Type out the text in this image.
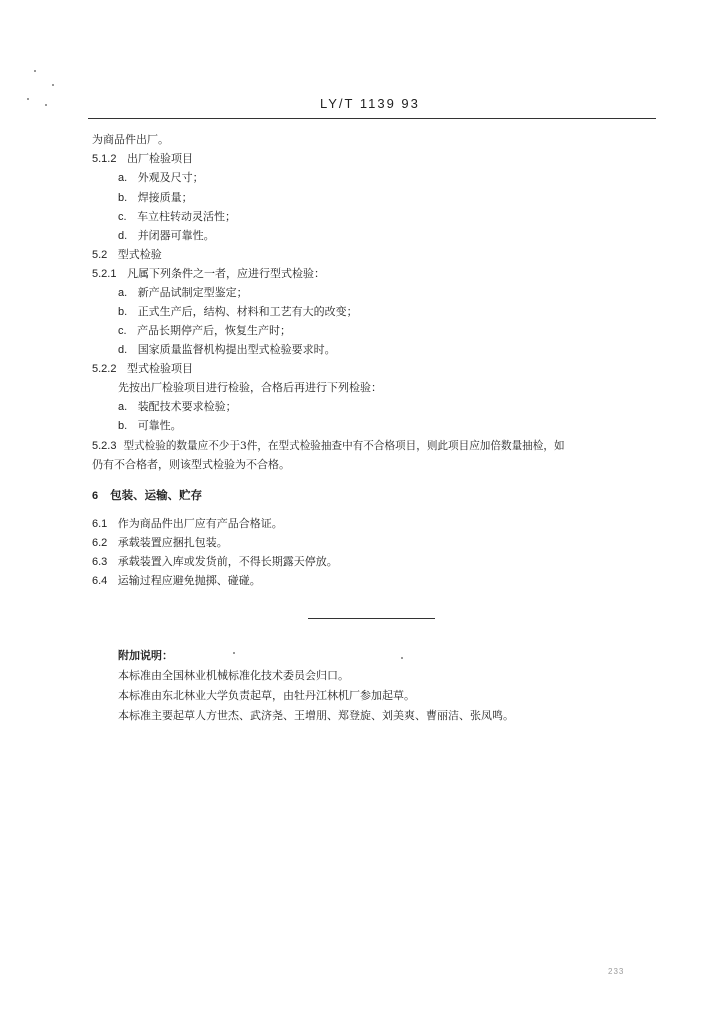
LY/T 1139 93
为商品件出厂。
5.1.2 出厂检验项目
a. 外观及尺寸；
b. 焊接质量；
c. 车立柱转动灵活性；
d. 并闭器可靠性。
5.2 型式检验
5.2.1 凡属下列条件之一者，应进行型式检验：
a. 新产品试制定型鉴定；
b. 正式生产后，结构、材料和工艺有大的改变；
c. 产品长期停产后，恢复生产时；
d. 国家质量监督机构提出型式检验要求时。
5.2.2 型式检验项目
先按出厂检验项目进行检验，合格后再进行下列检验：
a. 装配技术要求检验；
b. 可靠性。
5.2.3 型式检验的数量应不少于3件，在型式检验抽查中有不合格项目，则此项目应加倍数量抽检，如
仍有不合格者，则该型式检验为不合格。
6 包装、运输、贮存
6.1 作为商品件出厂应有产品合格证。
6.2 承载装置应捆扎包装。
6.3 承载装置入库或发货前，不得长期露天停放。
6.4 运输过程应避免抛掷、碰碰。
附加说明：
本标准由全国林业机械标准化技术委员会归口。
本标准由东北林业大学负责起草，由牡丹江林机厂参加起草。
本标准主要起草人方世杰、武济尧、王增朋、郑登旋、刘美爽、曹丽洁、张凤鸣。
233
